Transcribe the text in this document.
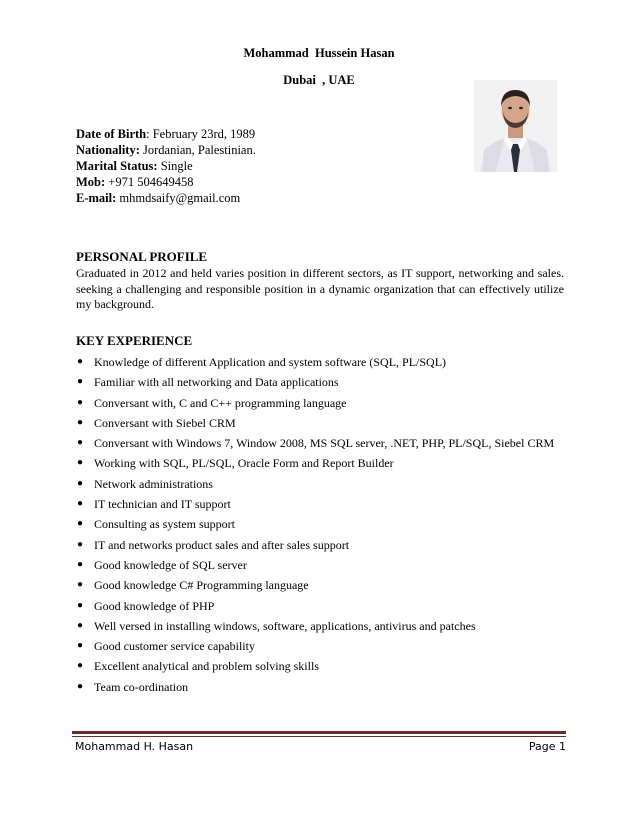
Mohammad  Hussein Hasan
Dubai  , UAE
Date of Birth: February 23rd, 1989
Nationality: Jordanian, Palestinian.
Marital Status: Single
Mob: +971 504649458
E-mail: mhmdsaify@gmail.com
PERSONAL PROFILE
Graduated in 2012 and held varies position in different sectors, as IT support, networking and sales. seeking a challenging and responsible position in a dynamic organization that can effectively utilize my background.
KEY EXPERIENCE
● Knowledge of different Application and system software (SQL, PL/SQL)
● Familiar with all networking and Data applications
● Conversant with, C and C++ programming language
● Conversant with Siebel CRM
● Conversant with Windows 7, Window 2008, MS SQL server, .NET, PHP, PL/SQL, Siebel CRM
● Working with SQL, PL/SQL, Oracle Form and Report Builder
● Network administrations
● IT technician and IT support
● Consulting as system support
● IT and networks product sales and after sales support
● Good knowledge of SQL server
● Good knowledge C# Programming language
● Good knowledge of PHP
● Well versed in installing windows, software, applications, antivirus and patches
● Good customer service capability
● Excellent analytical and problem solving skills
● Team co-ordination
Mohammad H. Hasan	Page 1
